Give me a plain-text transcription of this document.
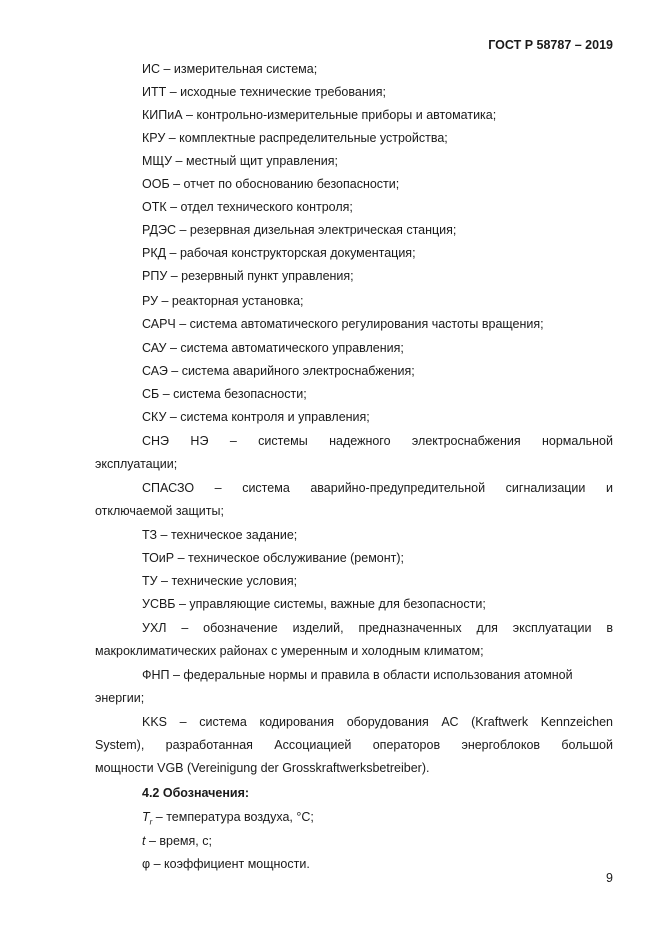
ГОСТ Р 58787 – 2019
ИС – измерительная система;
ИТТ – исходные технические требования;
КИПиА – контрольно-измерительные приборы и автоматика;
КРУ – комплектные распределительные устройства;
МЩУ – местный щит управления;
ООБ – отчет по обоснованию безопасности;
ОТК – отдел технического контроля;
РДЭС – резервная дизельная электрическая станция;
РКД – рабочая конструкторская документация;
РПУ – резервный пункт управления;
РУ – реакторная установка;
САРЧ – система автоматического регулирования частоты вращения;
САУ – система автоматического управления;
САЭ – система аварийного электроснабжения;
СБ – система безопасности;
СКУ – система контроля и управления;
СНЭ НЭ – системы надежного электроснабжения нормальной
эксплуатации;
СПАСЗО – система аварийно-предупредительной сигнализации и
отключаемой защиты;
ТЗ – техническое задание;
ТОиР – техническое обслуживание (ремонт);
ТУ – технические условия;
УСВБ – управляющие системы, важные для безопасности;
УХЛ – обозначение изделий, предназначенных для эксплуатации в
макроклиматических районах с умеренным и холодным климатом;
ФНП – федеральные нормы и правила в области использования атомной
энергии;
KKS – система кодирования оборудования АС (Kraftwerk Kennzeichen
System), разработанная Ассоциацией операторов энергоблоков большой
мощности VGB (Vereinigung der Grosskraftwerksbetreiber).
4.2 Обозначения:
$T_r$ – температура воздуха, °C;
t – время, с;
φ – коэффициент мощности.
9
